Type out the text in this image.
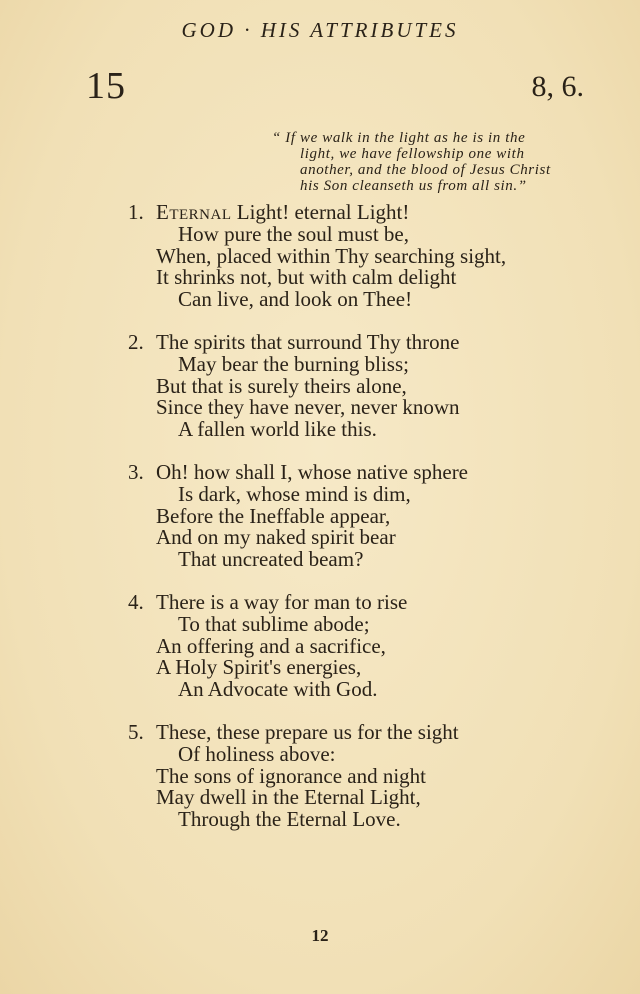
GOD · HIS ATTRIBUTES
15	8, 6.
“ If we walk in the light as he is in the
light, we have fellowship one with
another, and the blood of Jesus Christ
his Son cleanseth us from all sin.”
1. Eternal Light! eternal Light!
How pure the soul must be,
When, placed within Thy searching sight,
It shrinks not, but with calm delight
Can live, and look on Thee!
2. The spirits that surround Thy throne
May bear the burning bliss;
But that is surely theirs alone,
Since they have never, never known
A fallen world like this.
3. Oh! how shall I, whose native sphere
Is dark, whose mind is dim,
Before the Ineffable appear,
And on my naked spirit bear
That uncreated beam?
4. There is a way for man to rise
To that sublime abode;
An offering and a sacrifice,
A Holy Spirit's energies,
An Advocate with God.
5. These, these prepare us for the sight
Of holiness above:
The sons of ignorance and night
May dwell in the Eternal Light,
Through the Eternal Love.
12
